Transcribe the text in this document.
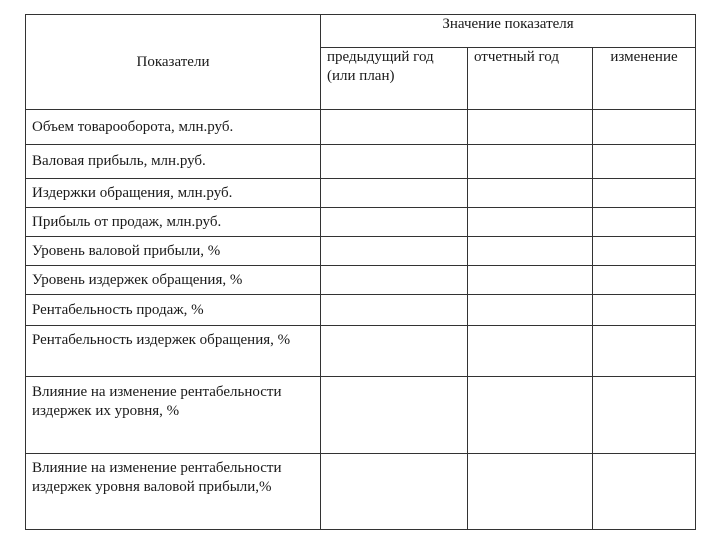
Показатели	Значение показателя		
	предыдущий год (или план)	отчетный год	изменение
Объем товарооборота, млн.руб.			
Валовая прибыль, млн.руб.			
Издержки обращения, млн.руб.			
Прибыль от продаж, млн.руб.			
Уровень валовой прибыли, %			
Уровень издержек обращения, %			
Рентабельность продаж, %			
Рентабельность издержек обращения, %			
Влияние на изменение рентабельности издержек их уровня, %			
Влияние на изменение рентабельности издержек уровня валовой прибыли,%			
